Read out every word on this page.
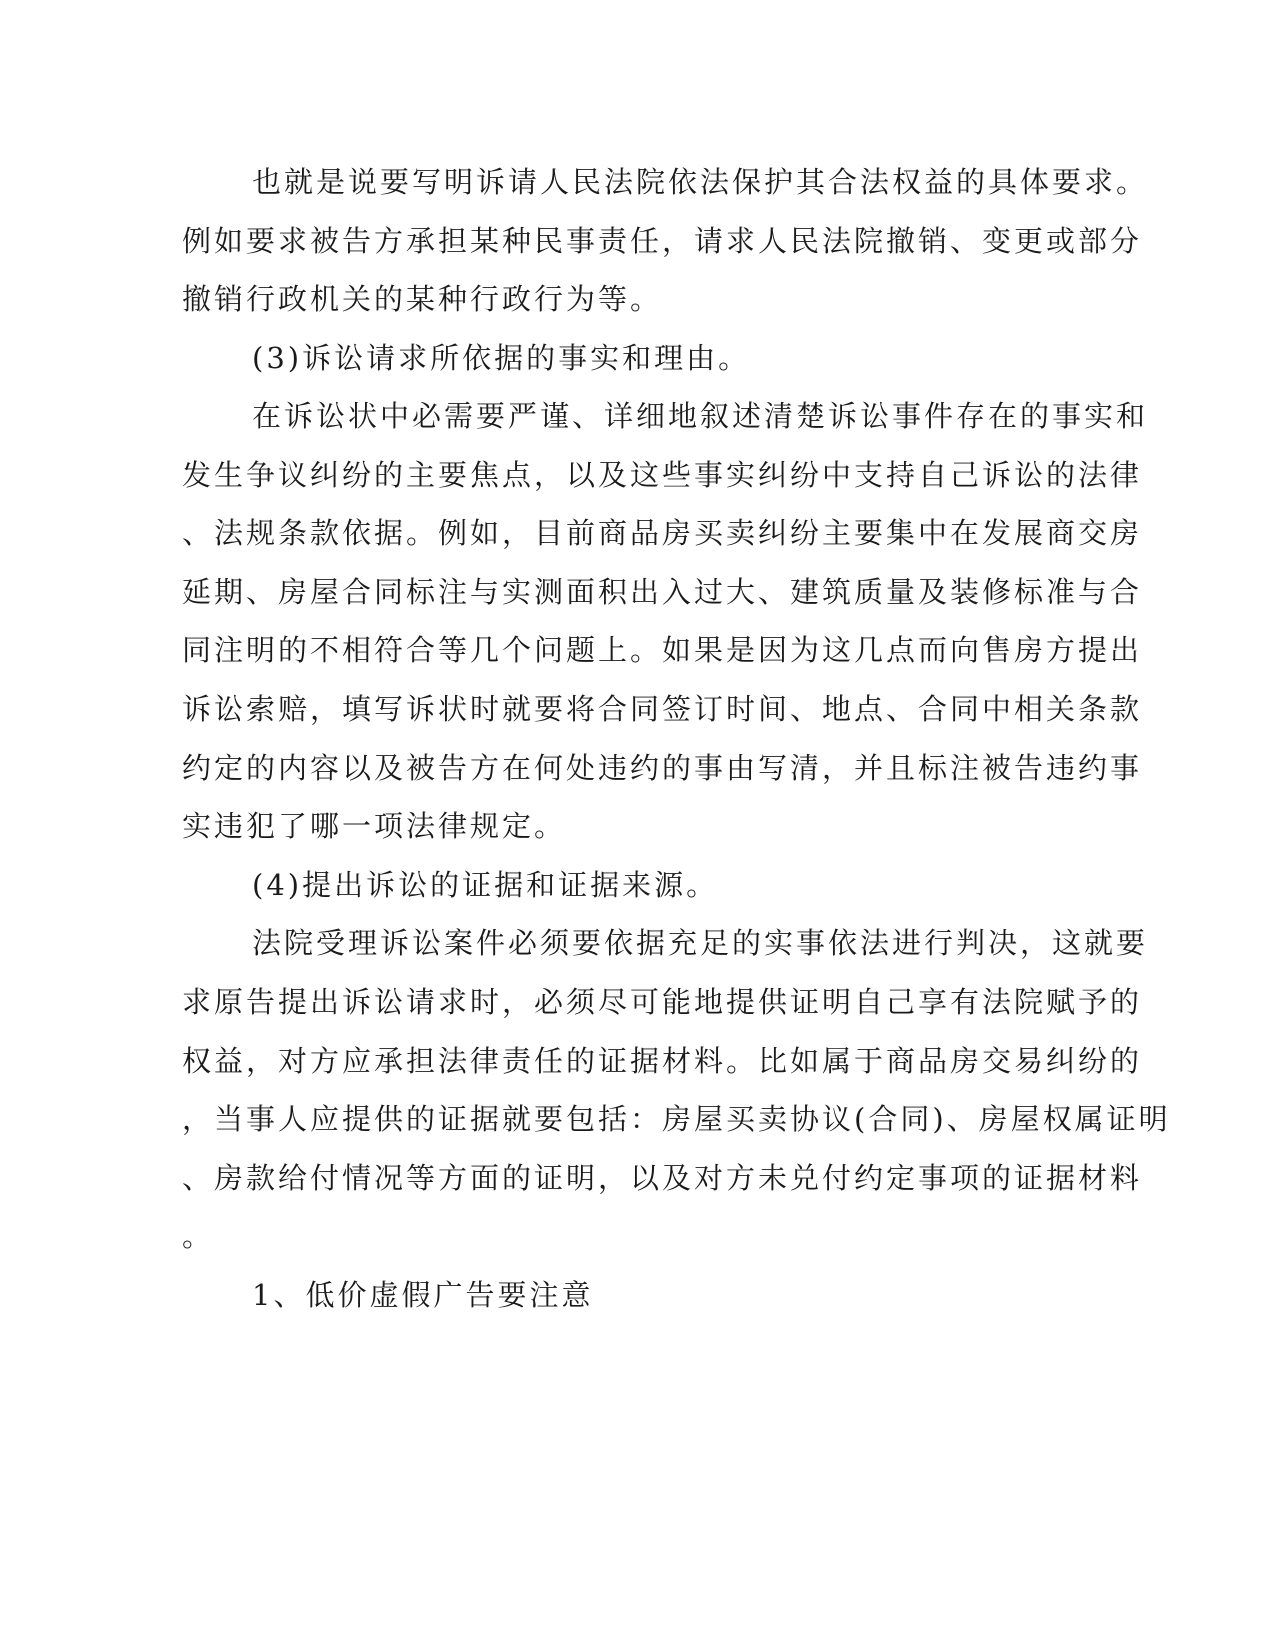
也就是说要写明诉请人民法院依法保护其合法权益的具体要求。
例如要求被告方承担某种民事责任，请求人民法院撤销、变更或部分
撤销行政机关的某种行政行为等。
(3)诉讼请求所依据的事实和理由。
在诉讼状中必需要严谨、详细地叙述清楚诉讼事件存在的事实和
发生争议纠纷的主要焦点，以及这些事实纠纷中支持自己诉讼的法律
、法规条款依据。例如，目前商品房买卖纠纷主要集中在发展商交房
延期、房屋合同标注与实测面积出入过大、建筑质量及装修标准与合
同注明的不相符合等几个问题上。如果是因为这几点而向售房方提出
诉讼索赔，填写诉状时就要将合同签订时间、地点、合同中相关条款
约定的内容以及被告方在何处违约的事由写清，并且标注被告违约事
实违犯了哪一项法律规定。
(4)提出诉讼的证据和证据来源。
法院受理诉讼案件必须要依据充足的实事依法进行判决，这就要
求原告提出诉讼请求时，必须尽可能地提供证明自己享有法院赋予的
权益，对方应承担法律责任的证据材料。比如属于商品房交易纠纷的
，当事人应提供的证据就要包括：房屋买卖协议(合同)、房屋权属证明
、房款给付情况等方面的证明，以及对方未兑付约定事项的证据材料
。
1、低价虚假广告要注意
